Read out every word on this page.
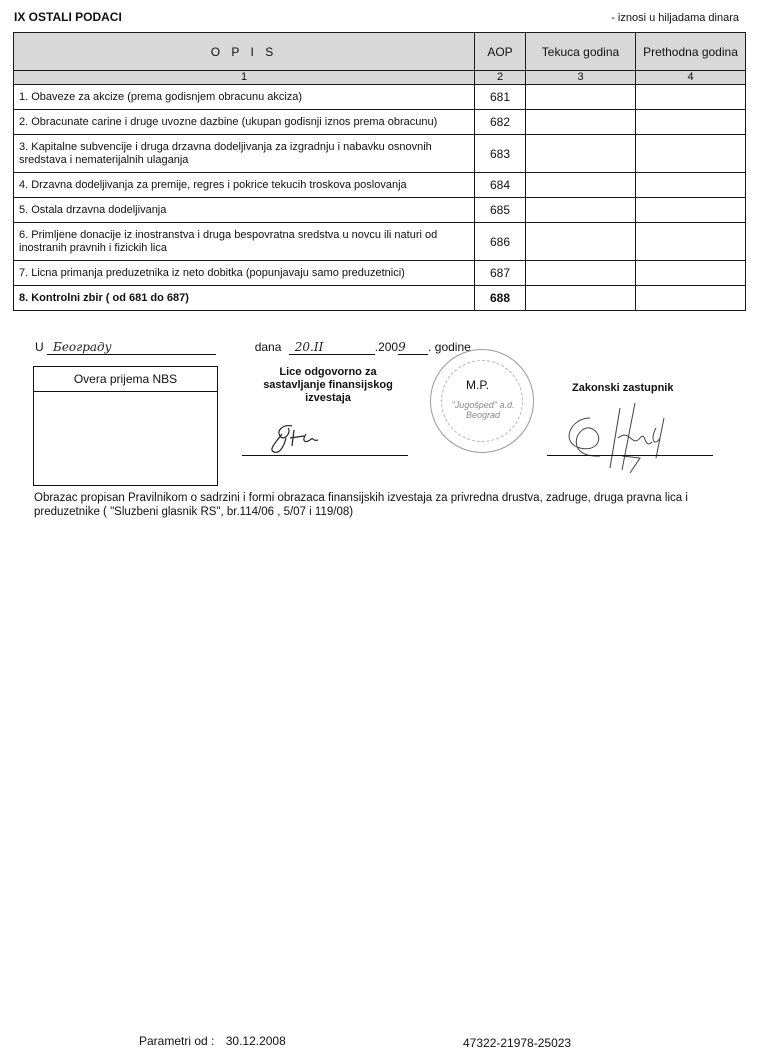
IX OSTALI PODACI	- iznosi u hiljadama dinara
O P I S	AOP	Tekuca godina	Prethodna godina
1	2	3	4
1. Obaveze za akcize (prema godisnjem obracunu akciza)	681		
2. Obracunate carine i druge uvozne dazbine (ukupan godisnji iznos prema obracunu)	682		
3. Kapitalne subvencije i druga drzavna dodeljivanja za izgradnju i nabavku osnovnih sredstava i nematerijalnih ulaganja	683		
4. Drzavna dodeljivanja za premije, regres i pokrice tekucih troskova poslovanja	684		
5. Ostala drzavna dodeljivanja	685		
6. Primljene donacije iz inostranstva i druga bespovratna sredstva u novcu ili naturi od inostranih pravnih i fizickih lica	686		
7. Licna primanja preduzetnika iz neto dobitka (popunjavaju samo preduzetnici)	687		
8. Kontrolni zbir ( od 681 do 687)	688		
U Београду	dana 20.II	.2009 . godine
Overa prijema NBS	Lice odgovorno za sastavljanje finansijskog izvestaja
"Jugošped" a.d. Beograd
M.P.	Zakonski zastupnik
Obrazac propisan Pravilnikom o sadrzini i formi obrazaca finansijskih izvestaja za privredna drustva, zadruge, druga pravna lica i preduzetnike ( "Sluzbeni glasnik RS", br.114/06 , 5/07 i 119/08)
Parametri od : 30.12.2008	47322-21978-25023
